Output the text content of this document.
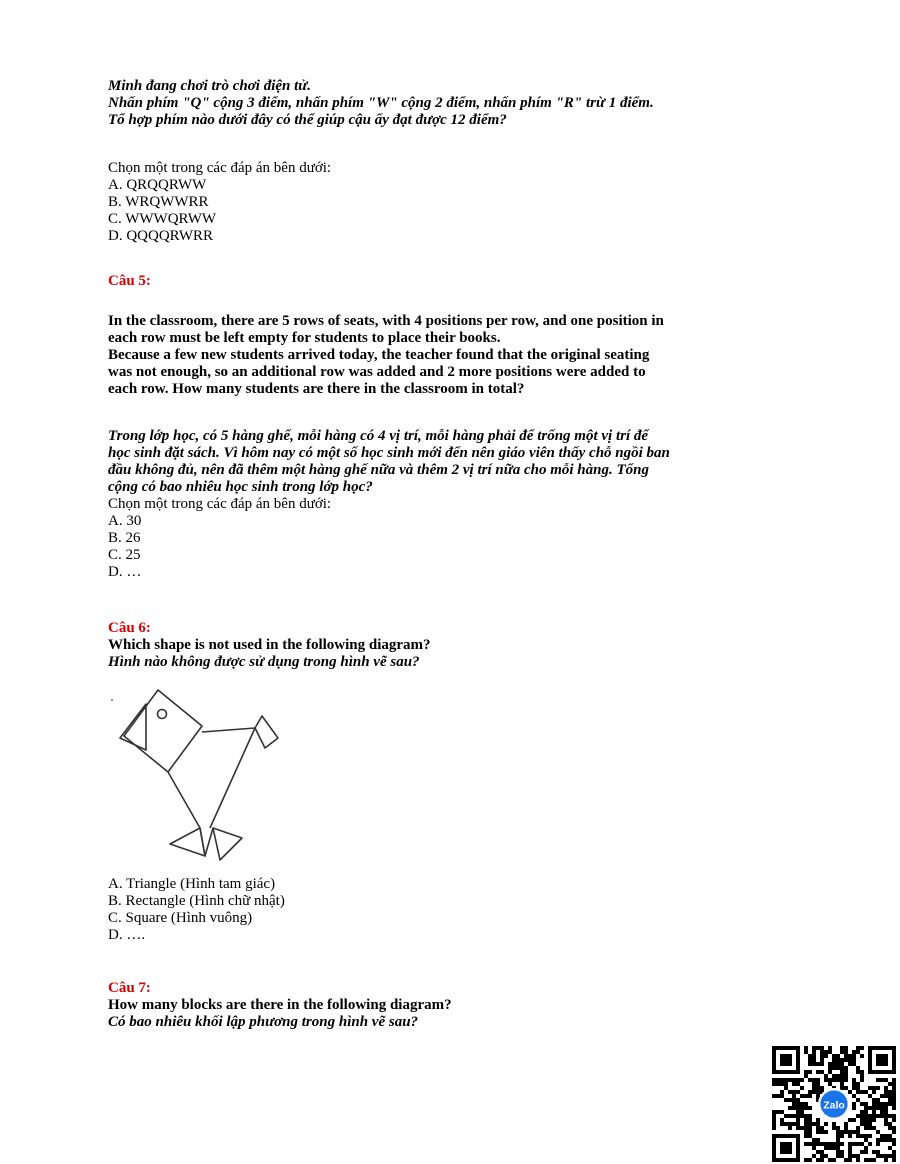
Minh đang chơi trò chơi điện tử.
Nhấn phím "Q" cộng 3 điểm, nhấn phím "W" cộng 2 điểm, nhấn phím "R" trừ 1 điểm.
Tổ hợp phím nào dưới đây có thể giúp cậu ấy đạt được 12 điểm?
Chọn một trong các đáp án bên dưới:
A. QRQQRWW
B. WRQWWRR
C. WWWQRWW
D. QQQQRWRR
Câu 5:
In the classroom, there are 5 rows of seats, with 4 positions per row, and one position in
each row must be left empty for students to place their books.
Because a few new students arrived today, the teacher found that the original seating
was not enough, so an additional row was added and 2 more positions were added to
each row. How many students are there in the classroom in total?
Trong lớp học, có 5 hàng ghế, mỗi hàng có 4 vị trí, mỗi hàng phải để trống một vị trí để
học sinh đặt sách. Vì hôm nay có một số học sinh mới đến nên giáo viên thấy chỗ ngồi ban
đầu không đủ, nên đã thêm một hàng ghế nữa và thêm 2 vị trí nữa cho mỗi hàng. Tổng
cộng có bao nhiêu học sinh trong lớp học?
Chọn một trong các đáp án bên dưới:
A. 30
B. 26
C. 25
D. …
Câu 6:
Which shape is not used in the following diagram?
Hình nào không được sử dụng trong hình vẽ sau?
A. Triangle (Hình tam giác)
B. Rectangle (Hình chữ nhật)
C. Square (Hình vuông)
D. ….
Câu 7:
How many blocks are there in the following diagram?
Có bao nhiêu khối lập phương trong hình vẽ sau?
Zalo
